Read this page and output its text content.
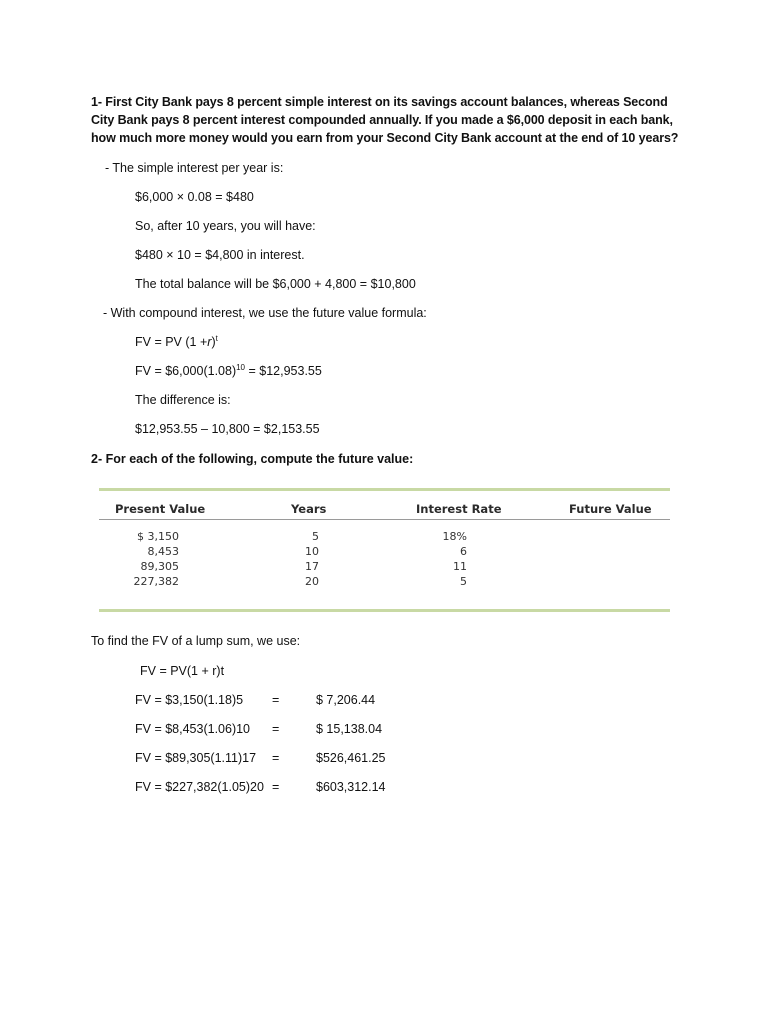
1- First City Bank pays 8 percent simple interest on its savings account balances, whereas Second City Bank pays 8 percent interest compounded annually. If you made a $6,000 deposit in each bank, how much more money would you earn from your Second City Bank account at the end of 10 years?
- The simple interest per year is:
$6,000 × 0.08 = $480
So, after 10 years, you will have:
$480 × 10 = $4,800 in interest.
The total balance will be $6,000 + 4,800 = $10,800
- With compound interest, we use the future value formula:
FV = PV $(1 +r)^t$
FV = $\$6,000(1.08)^{10}$ = $12,953.55
The difference is:
$12,953.55 – 10,800 = $2,153.55
2- For each of the following, compute the future value:
Present Value	Years	Interest Rate	Future Value
$ 3,150	5	18%
8,453	10	6
89,305	17	11
227,382	20	5
To find the FV of a lump sum, we use:
FV = PV(1 + r)t
FV = $3,150(1.18)5 =	$ 7,206.44
FV = $8,453(1.06)10 =	$ 15,138.04
FV = $89,305(1.11)17 =	$526,461.25
FV = $227,382(1.05)20 =	$603,312.14
